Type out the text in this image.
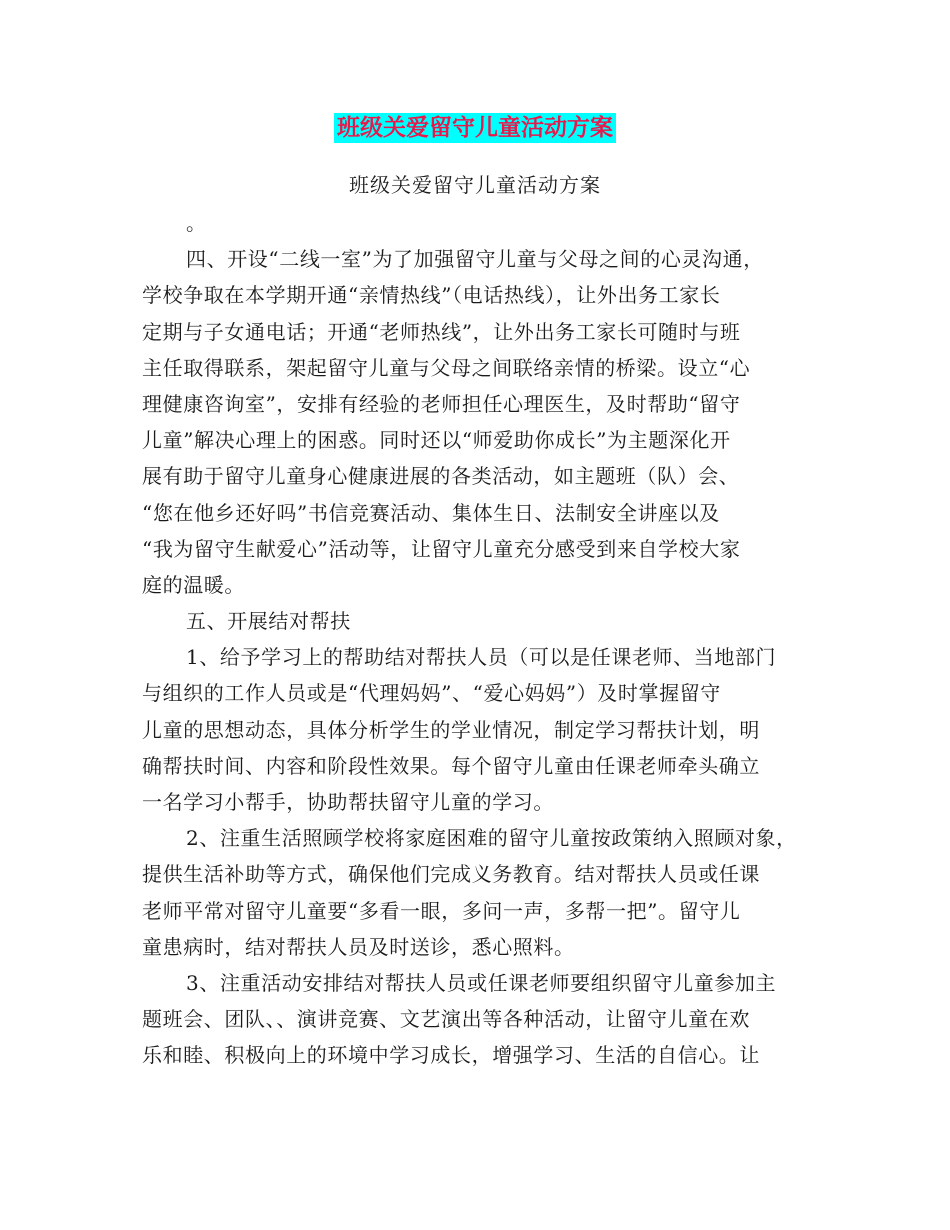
班级关爱留守儿童活动方案
班级关爱留守儿童活动方案
。
四、开设“二线一室”为了加强留守儿童与父母之间的心灵沟通，
学校争取在本学期开通“亲情热线”（电话热线），让外出务工家长
定期与子女通电话；开通“老师热线”，让外出务工家长可随时与班
主任取得联系，架起留守儿童与父母之间联络亲情的桥梁。设立“心
理健康咨询室”，安排有经验的老师担任心理医生，及时帮助“留守
儿童”解决心理上的困惑。同时还以“师爱助你成长”为主题深化开
展有助于留守儿童身心健康进展的各类活动，如主题班（队）会、
“您在他乡还好吗”书信竞赛活动、集体生日、法制安全讲座以及
“我为留守生献爱心”活动等，让留守儿童充分感受到来自学校大家
庭的温暖。
五、开展结对帮扶
1、给予学习上的帮助结对帮扶人员（可以是任课老师、当地部门
与组织的工作人员或是“代理妈妈”、“爱心妈妈”）及时掌握留守
儿童的思想动态，具体分析学生的学业情况，制定学习帮扶计划，明
确帮扶时间、内容和阶段性效果。每个留守儿童由任课老师牵头确立
一名学习小帮手，协助帮扶留守儿童的学习。
2、注重生活照顾学校将家庭困难的留守儿童按政策纳入照顾对象，
提供生活补助等方式，确保他们完成义务教育。结对帮扶人员或任课
老师平常对留守儿童要“多看一眼，多问一声，多帮一把”。留守儿
童患病时，结对帮扶人员及时送诊，悉心照料。
3、注重活动安排结对帮扶人员或任课老师要组织留守儿童参加主
题班会、团队、、演讲竞赛、文艺演出等各种活动，让留守儿童在欢
乐和睦、积极向上的环境中学习成长，增强学习、生活的自信心。让
